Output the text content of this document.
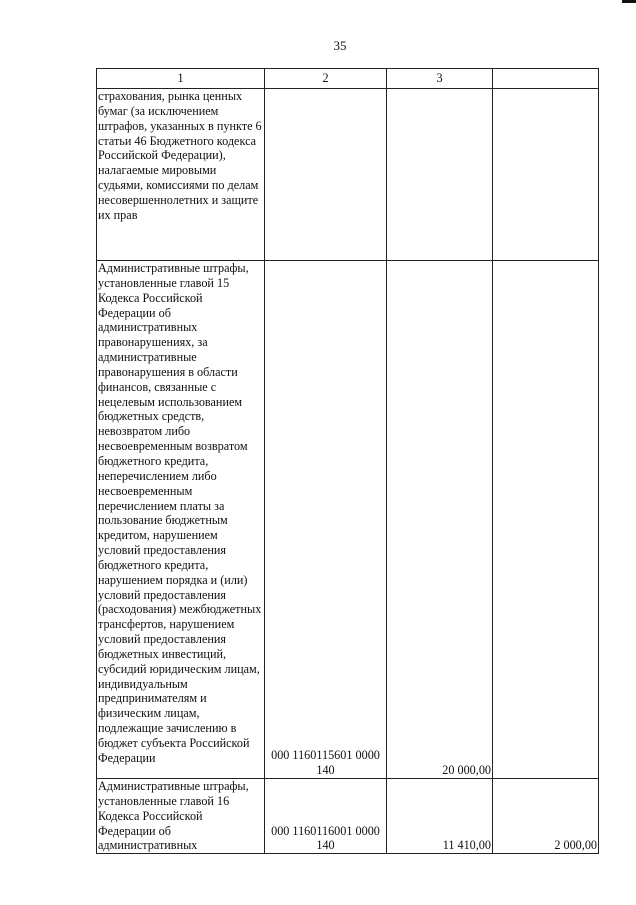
35
1	2	3	
страхования, рынка ценных бумаг (за исключением штрафов, указанных в пункте 6 статьи 46 Бюджетного кодекса Российской Федерации), налагаемые мировыми судьями, комиссиями по делам несовершеннолетних и защите их прав			
Административные штрафы, установленные главой 15 Кодекса Российской Федерации об административных правонарушениях, за административные правонарушения в области финансов, связанные с нецелевым использованием бюджетных средств, невозвратом либо несвоевременным возвратом бюджетного кредита, неперечислением либо несвоевременным перечислением платы за пользование бюджетным кредитом, нарушением условий предоставления бюджетного кредита, нарушением порядка и (или) условий предоставления (расходования) межбюджетных трансфертов, нарушением условий предоставления бюджетных инвестиций, субсидий юридическим лицам, индивидуальным предпринимателям и физическим лицам, подлежащие зачислению в бюджет субъекта Российской Федерации	000 1160115601 0000 140	20 000,00	
Административные штрафы, установленные главой 16 Кодекса Российской Федерации об административных	000 1160116001 0000 140	11 410,00	2 000,00
